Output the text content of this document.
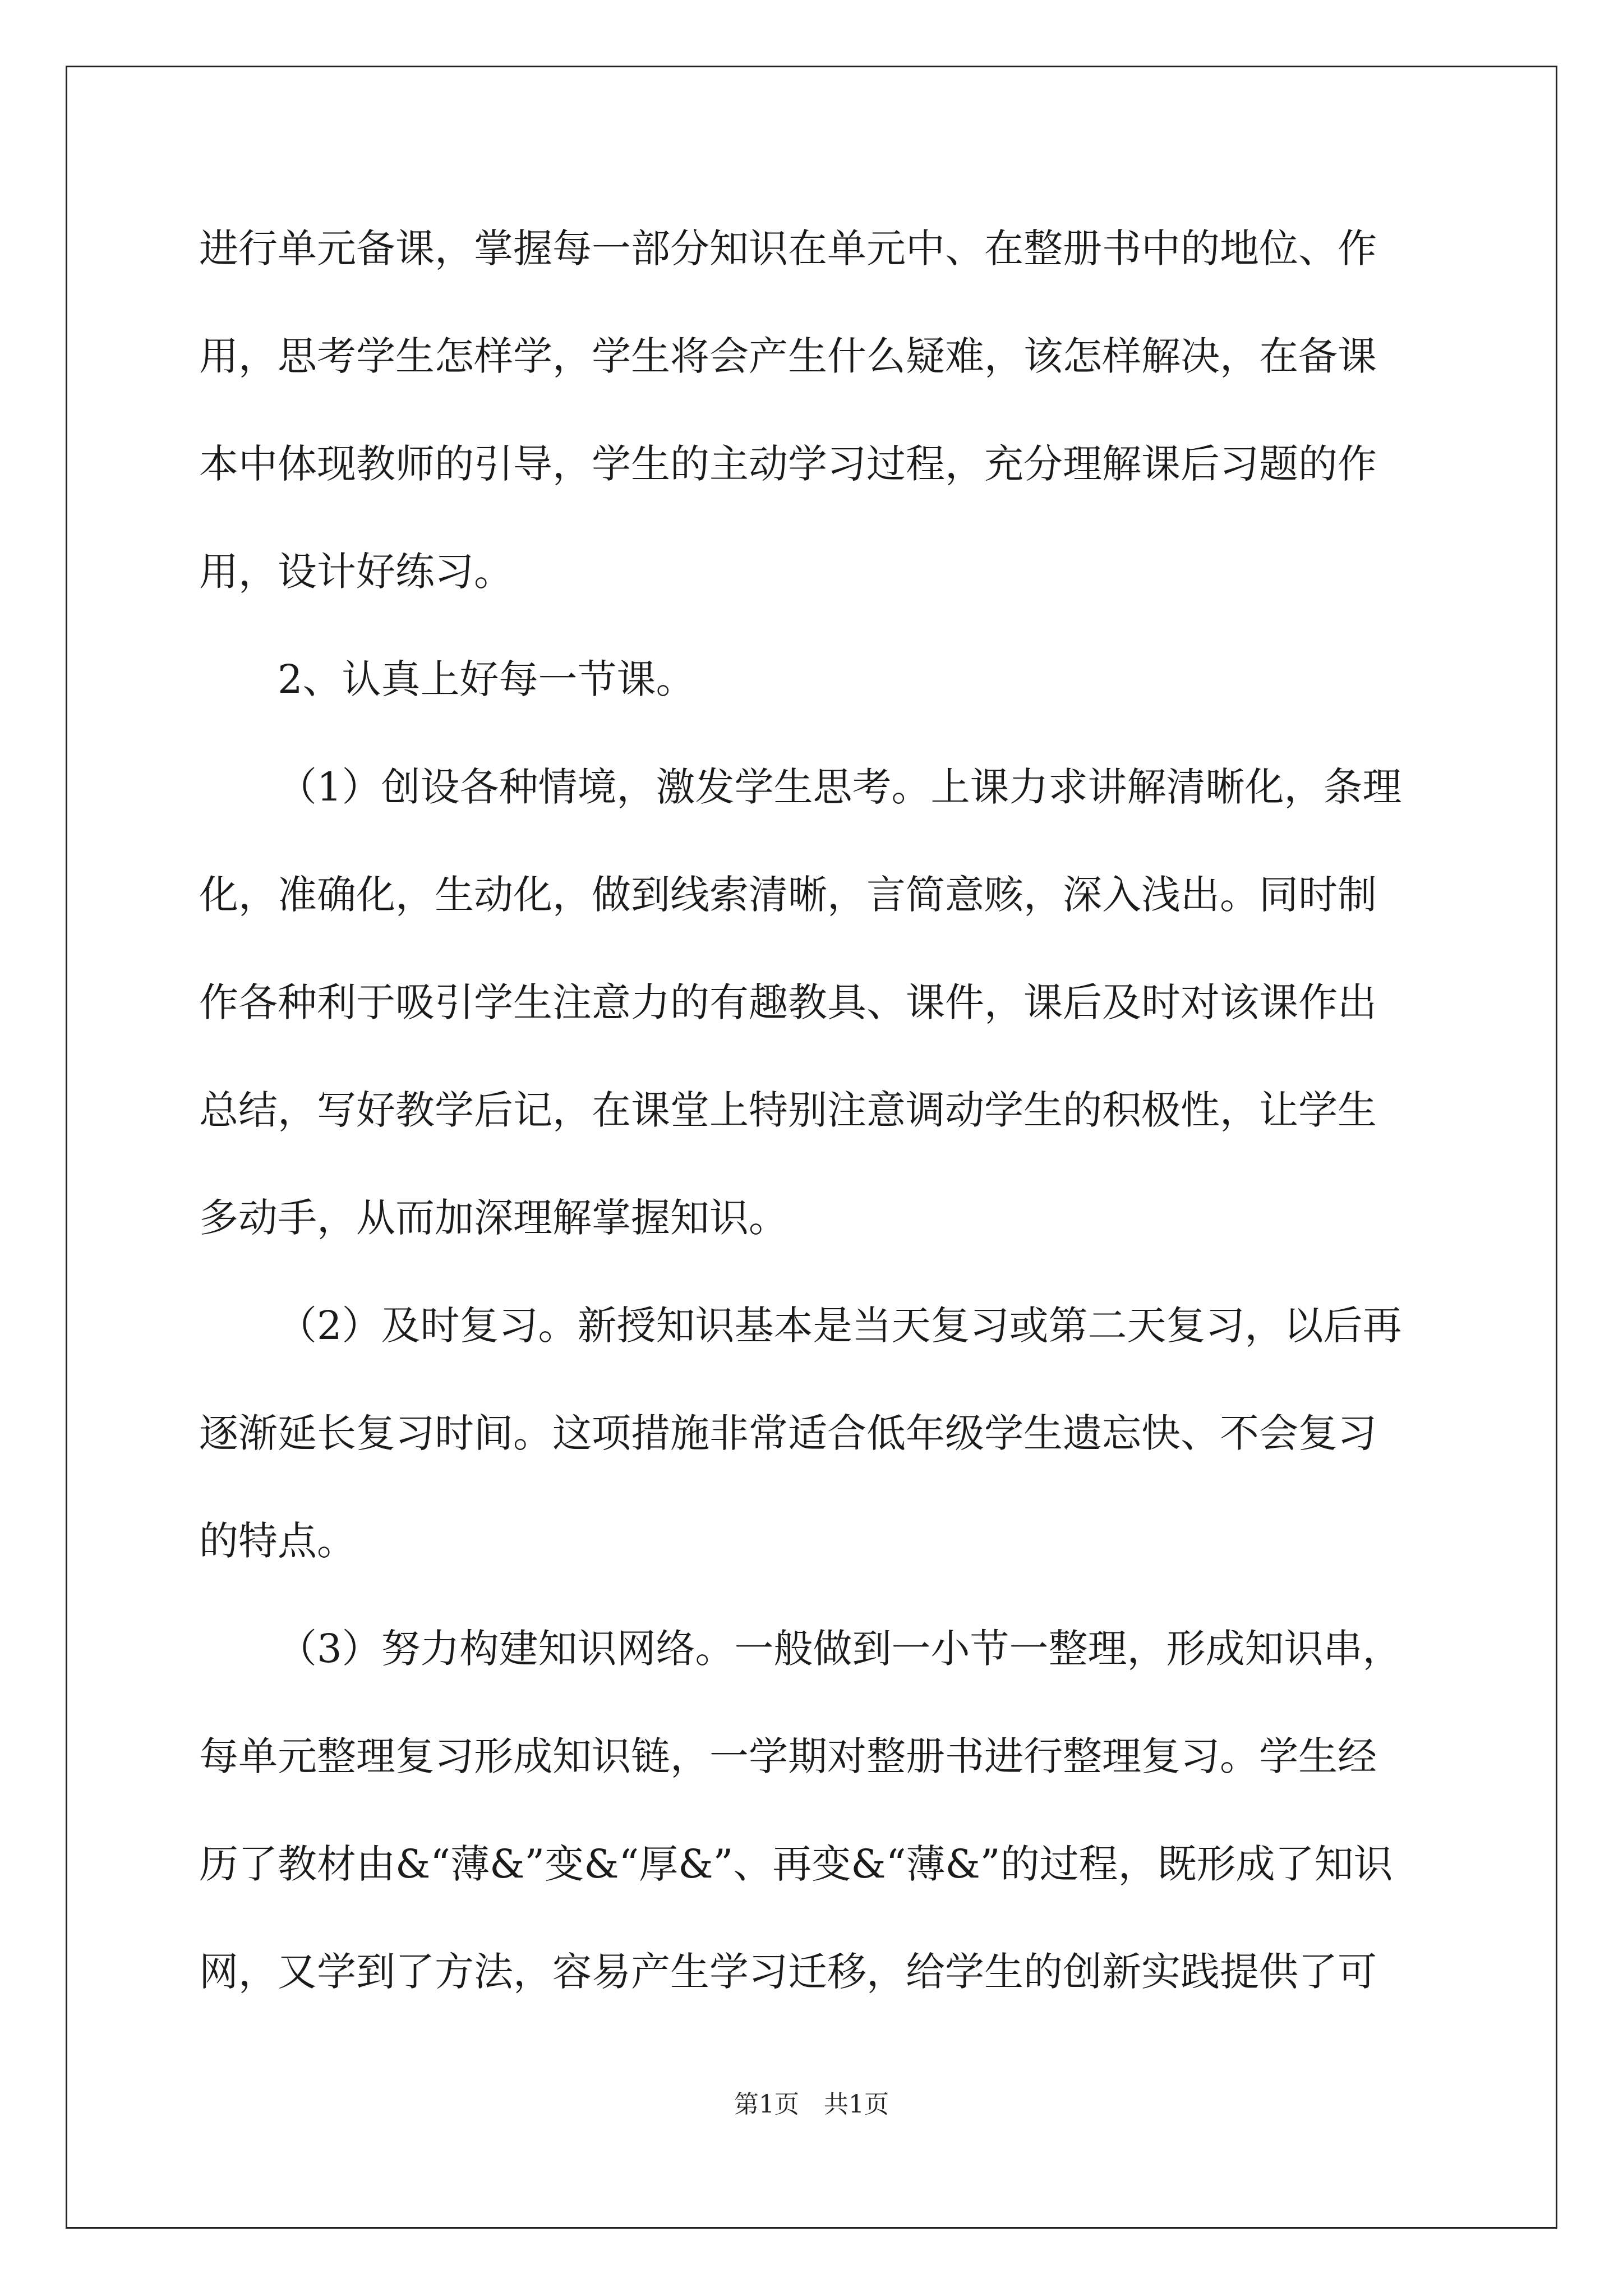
进行单元备课，掌握每一部分知识在单元中、在整册书中的地位、作
用，思考学生怎样学，学生将会产生什么疑难，该怎样解决，在备课
本中体现教师的引导，学生的主动学习过程，充分理解课后习题的作
用，设计好练习。
2、认真上好每一节课。
（1）创设各种情境，激发学生思考。上课力求讲解清晰化，条理
化，准确化，生动化，做到线索清晰，言简意赅，深入浅出。同时制
作各种利于吸引学生注意力的有趣教具、课件，课后及时对该课作出
总结，写好教学后记，在课堂上特别注意调动学生的积极性，让学生
多动手，从而加深理解掌握知识。
（2）及时复习。新授知识基本是当天复习或第二天复习，以后再
逐渐延长复习时间。这项措施非常适合低年级学生遗忘快、不会复习
的特点。
（3）努力构建知识网络。一般做到一小节一整理，形成知识串，
每单元整理复习形成知识链，一学期对整册书进行整理复习。学生经
历了教材由&“薄&”变&“厚&”、再变&“薄&”的过程，既形成了知识
网，又学到了方法，容易产生学习迁移，给学生的创新实践提供了可
第1页 共1页
